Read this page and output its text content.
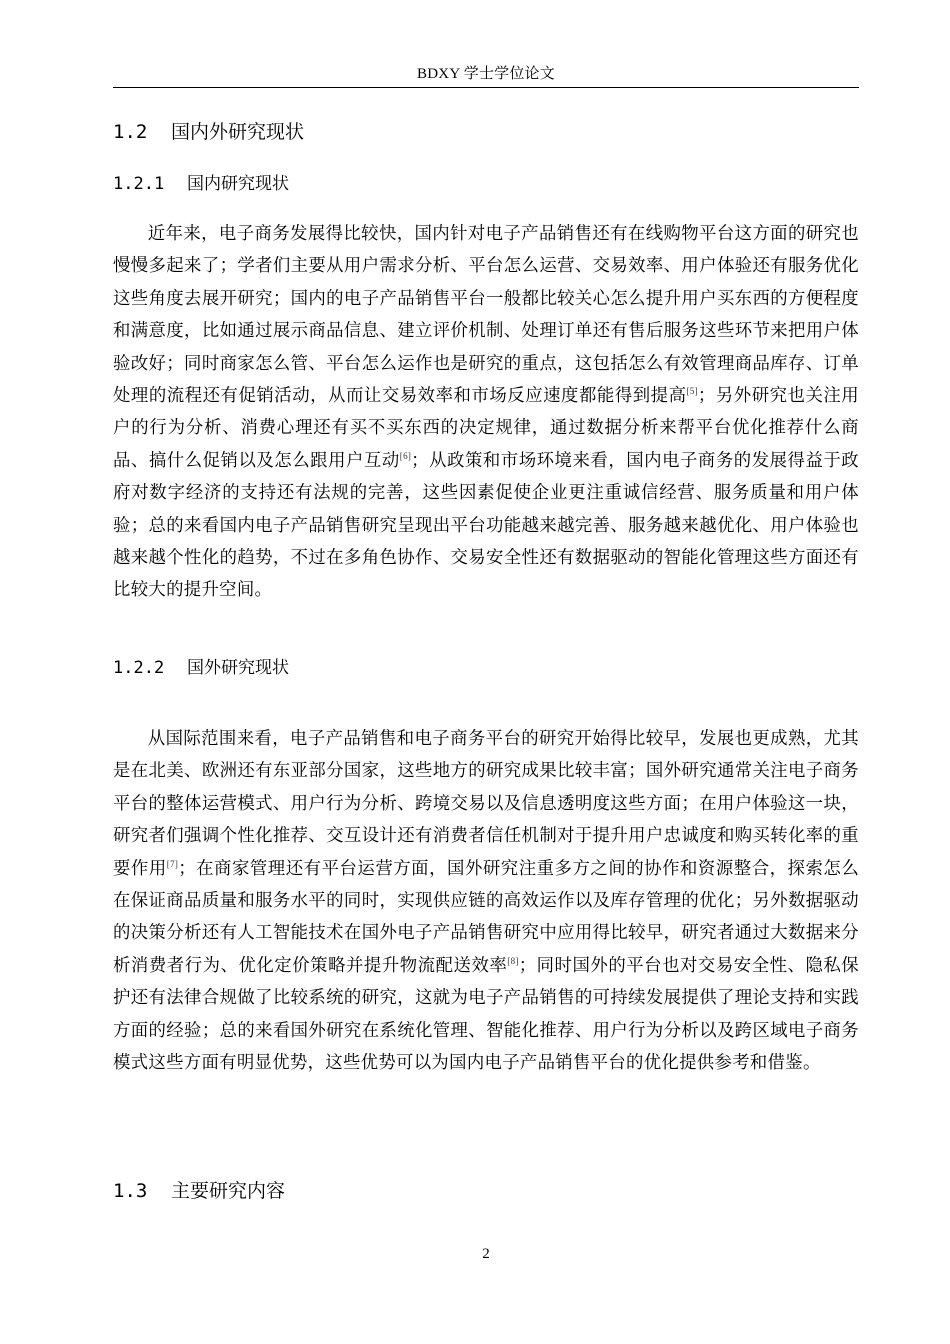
BDXY 学士学位论文
1.2 国内外研究现状
1.2.1 国内研究现状

近年来，电子商务发展得比较快，国内针对电子产品销售还有在线购物平台这方面的研究也慢慢多起来了；学者们主要从用户需求分析、平台怎么运营、交易效率、用户体验还有服务优化这些角度去展开研究；国内的电子产品销售平台一般都比较关心怎么提升用户买东西的方便程度和满意度，比如通过展示商品信息、建立评价机制、处理订单还有售后服务这些环节来把用户体验改好；同时商家怎么管、平台怎么运作也是研究的重点，这包括怎么有效管理商品库存、订单处理的流程还有促销活动，从而让交易效率和市场反应速度都能得到提高[5]；另外研究也关注用户的行为分析、消费心理还有买不买东西的决定规律，通过数据分析来帮平台优化推荐什么商品、搞什么促销以及怎么跟用户互动[6]；从政策和市场环境来看，国内电子商务的发展得益于政府对数字经济的支持还有法规的完善，这些因素促使企业更注重诚信经营、服务质量和用户体验；总的来看国内电子产品销售研究呈现出平台功能越来越完善、服务越来越优化、用户体验也越来越个性化的趋势，不过在多角色协作、交易安全性还有数据驱动的智能化管理这些方面还有比较大的提升空间。

1.2.2 国外研究现状

从国际范围来看，电子产品销售和电子商务平台的研究开始得比较早，发展也更成熟，尤其是在北美、欧洲还有东亚部分国家，这些地方的研究成果比较丰富；国外研究通常关注电子商务平台的整体运营模式、用户行为分析、跨境交易以及信息透明度这些方面；在用户体验这一块，研究者们强调个性化推荐、交互设计还有消费者信任机制对于提升用户忠诚度和购买转化率的重要作用[7]；在商家管理还有平台运营方面，国外研究注重多方之间的协作和资源整合，探索怎么在保证商品质量和服务水平的同时，实现供应链的高效运作以及库存管理的优化；另外数据驱动的决策分析还有人工智能技术在国外电子产品销售研究中应用得比较早，研究者通过大数据来分析消费者行为、优化定价策略并提升物流配送效率[8]；同时国外的平台也对交易安全性、隐私保护还有法律合规做了比较系统的研究，这就为电子产品销售的可持续发展提供了理论支持和实践方面的经验；总的来看国外研究在系统化管理、智能化推荐、用户行为分析以及跨区域电子商务模式这些方面有明显优势，这些优势可以为国内电子产品销售平台的优化提供参考和借鉴。

1.3 主要研究内容
2
